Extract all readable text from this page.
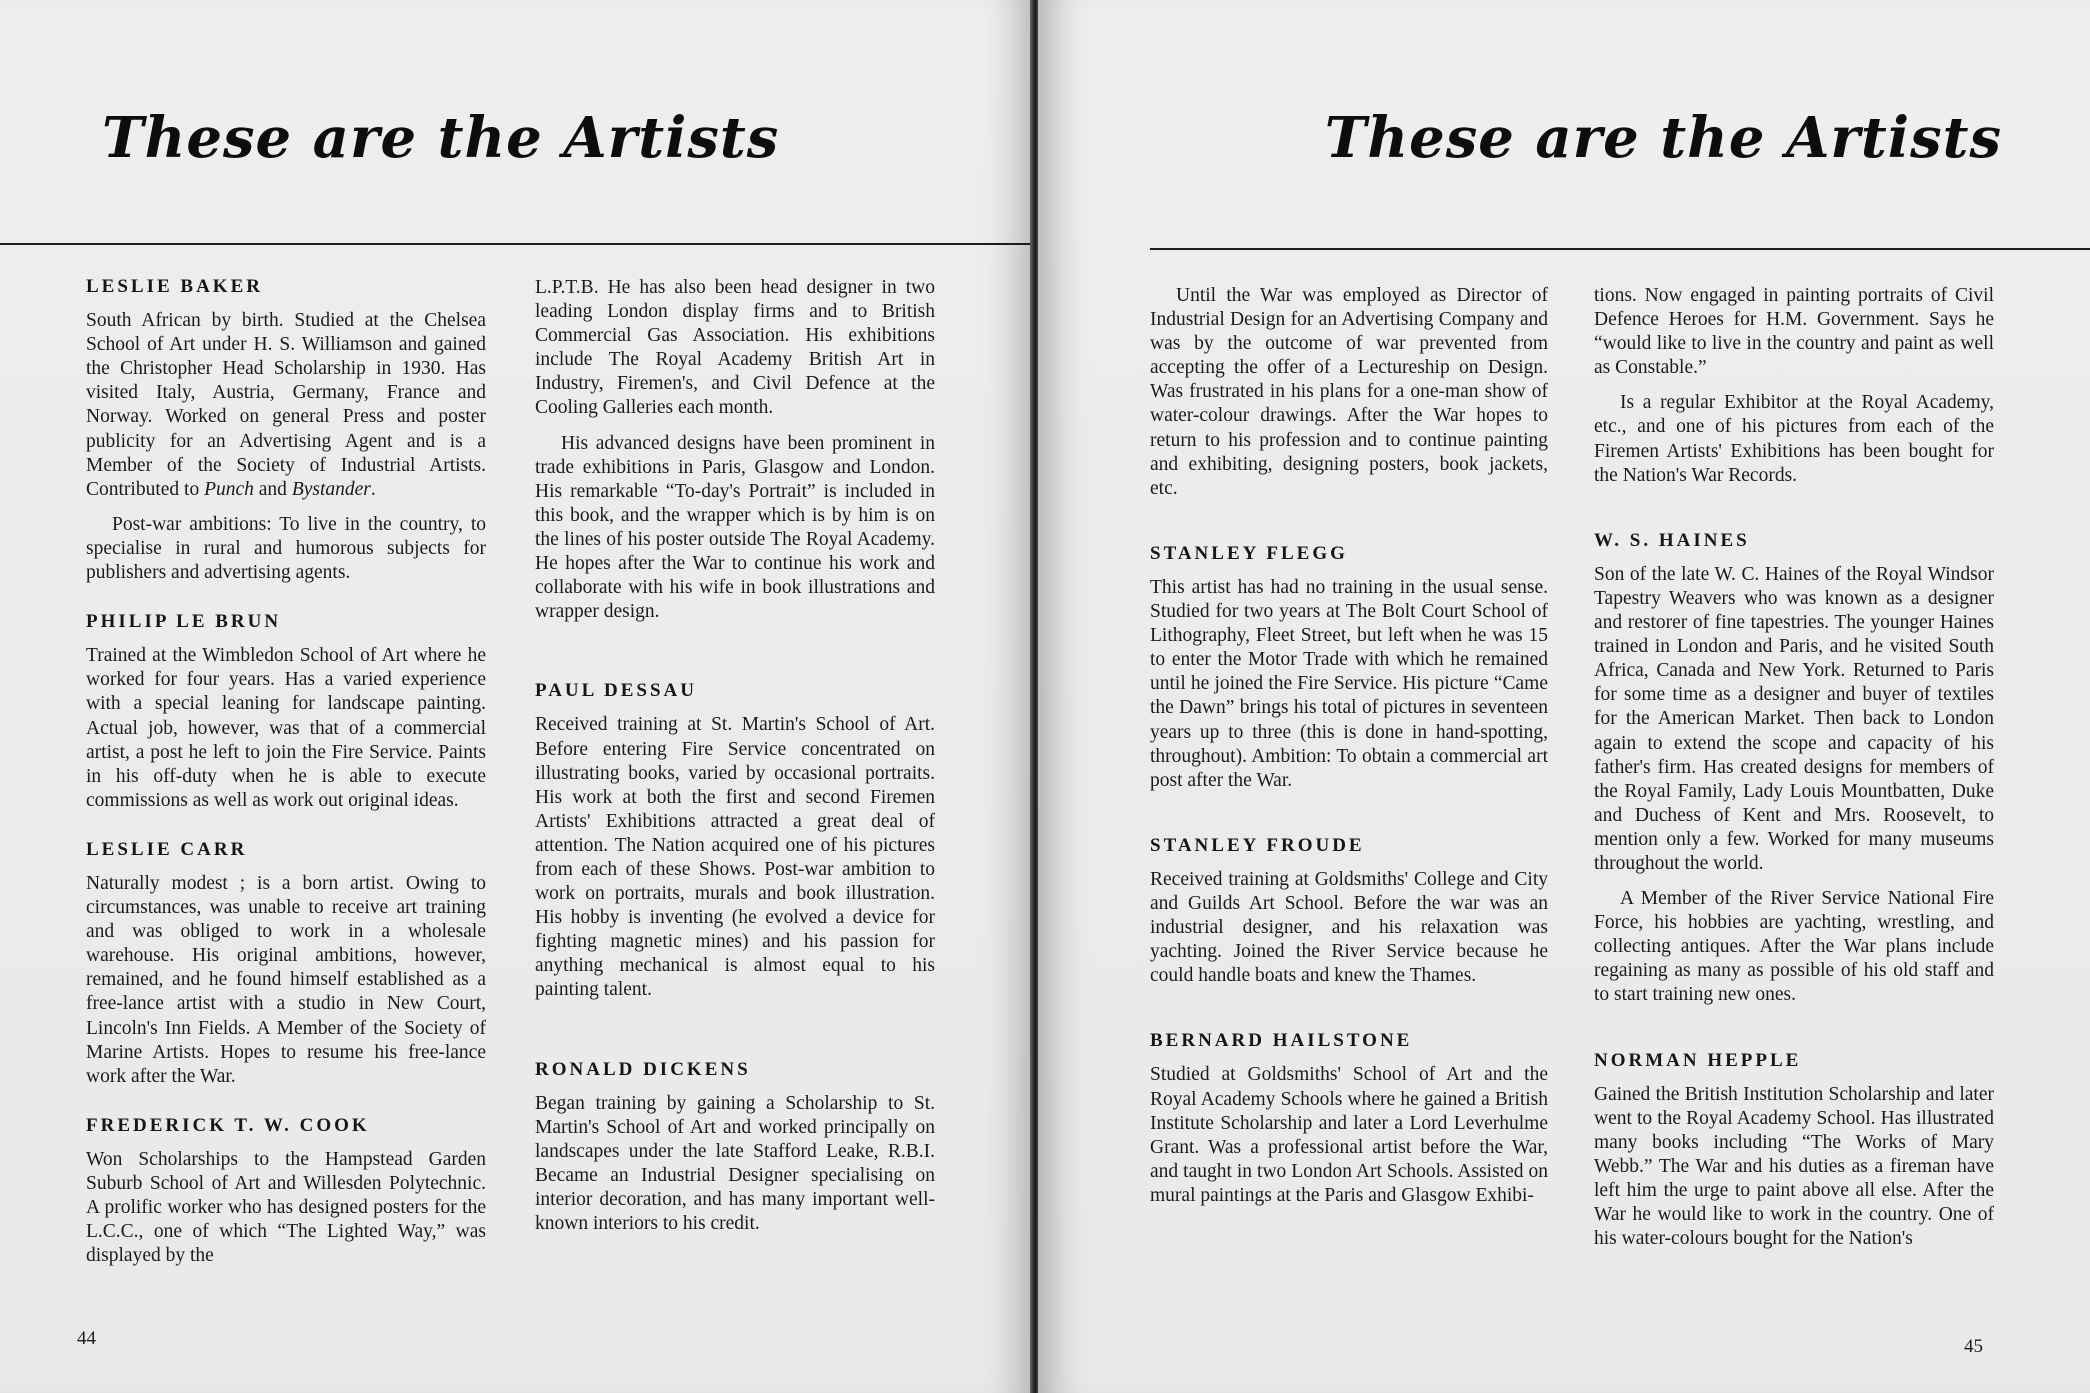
These are the Artists
LESLIE BAKER

South African by birth. Studied at the Chelsea School of Art under H. S. Williamson and gained the Christopher Head Scholarship in 1930. Has visited Italy, Austria, Germany, France and Norway. Worked on general Press and poster publicity for an Advertising Agent and is a Member of the Society of Industrial Artists. Contributed to Punch and Bystander.

Post-war ambitions: To live in the country, to specialise in rural and humorous subjects for publishers and advertising agents.

PHILIP LE BRUN

Trained at the Wimbledon School of Art where he worked for four years. Has a varied experience with a special leaning for landscape painting. Actual job, however, was that of a commercial artist, a post he left to join the Fire Service. Paints in his off-duty when he is able to execute commissions as well as work out original ideas.

LESLIE CARR

Naturally modest ; is a born artist. Owing to circumstances, was unable to receive art training and was obliged to work in a wholesale warehouse. His original ambitions, however, remained, and he found himself established as a free-lance artist with a studio in New Court, Lincoln's Inn Fields. A Member of the Society of Marine Artists. Hopes to resume his free-lance work after the War.

FREDERICK T. W. COOK

Won Scholarships to the Hampstead Garden Suburb School of Art and Willesden Polytechnic. A prolific worker who has designed posters for the L.C.C., one of which “The Lighted Way,” was displayed by the

L.P.T.B. He has also been head designer in two leading London display firms and to British Commercial Gas Association. His exhibitions include The Royal Academy British Art in Industry, Firemen's, and Civil Defence at the Cooling Galleries each month.

His advanced designs have been prominent in trade exhibitions in Paris, Glasgow and London. His remarkable “To-day's Portrait” is included in this book, and the wrapper which is by him is on the lines of his poster outside The Royal Academy. He hopes after the War to continue his work and collaborate with his wife in book illustrations and wrapper design.

PAUL DESSAU

Received training at St. Martin's School of Art. Before entering Fire Service concentrated on illustrating books, varied by occasional portraits. His work at both the first and second Firemen Artists' Exhibitions attracted a great deal of attention. The Nation acquired one of his pictures from each of these Shows. Post-war ambition to work on portraits, murals and book illustration. His hobby is inventing (he evolved a device for fighting magnetic mines) and his passion for anything mechanical is almost equal to his painting talent.

RONALD DICKENS

Began training by gaining a Scholarship to St. Martin's School of Art and worked principally on landscapes under the late Stafford Leake, R.B.I. Became an Industrial Designer specialising on interior decoration, and has many important well-known interiors to his credit.

44
These are the Artists

Until the War was employed as Director of Industrial Design for an Advertising Company and was by the outcome of war prevented from accepting the offer of a Lectureship on Design. Was frustrated in his plans for a one-man show of water-colour drawings. After the War hopes to return to his profession and to continue painting and exhibiting, designing posters, book jackets, etc.

STANLEY FLEGG

This artist has had no training in the usual sense. Studied for two years at The Bolt Court School of Lithography, Fleet Street, but left when he was 15 to enter the Motor Trade with which he remained until he joined the Fire Service. His picture “Came the Dawn” brings his total of pictures in seventeen years up to three (this is done in hand-spotting, throughout). Ambition: To obtain a commercial art post after the War.

STANLEY FROUDE

Received training at Goldsmiths' College and City and Guilds Art School. Before the war was an industrial designer, and his relaxation was yachting. Joined the River Service because he could handle boats and knew the Thames.

BERNARD HAILSTONE

Studied at Goldsmiths' School of Art and the Royal Academy Schools where he gained a British Institute Scholarship and later a Lord Leverhulme Grant. Was a professional artist before the War, and taught in two London Art Schools. Assisted on mural paintings at the Paris and Glasgow Exhibi-

tions. Now engaged in painting portraits of Civil Defence Heroes for H.M. Government. Says he “would like to live in the country and paint as well as Constable.”

Is a regular Exhibitor at the Royal Academy, etc., and one of his pictures from each of the Firemen Artists' Exhibitions has been bought for the Nation's War Records.

W. S. HAINES

Son of the late W. C. Haines of the Royal Windsor Tapestry Weavers who was known as a designer and restorer of fine tapestries. The younger Haines trained in London and Paris, and he visited South Africa, Canada and New York. Returned to Paris for some time as a designer and buyer of textiles for the American Market. Then back to London again to extend the scope and capacity of his father's firm. Has created designs for members of the Royal Family, Lady Louis Mountbatten, Duke and Duchess of Kent and Mrs. Roosevelt, to mention only a few. Worked for many museums throughout the world.

A Member of the River Service National Fire Force, his hobbies are yachting, wrestling, and collecting antiques. After the War plans include regaining as many as possible of his old staff and to start training new ones.

NORMAN HEPPLE

Gained the British Institution Scholarship and later went to the Royal Academy School. Has illustrated many books including “The Works of Mary Webb.” The War and his duties as a fireman have left him the urge to paint above all else. After the War he would like to work in the country. One of his water-colours bought for the Nation's

45
